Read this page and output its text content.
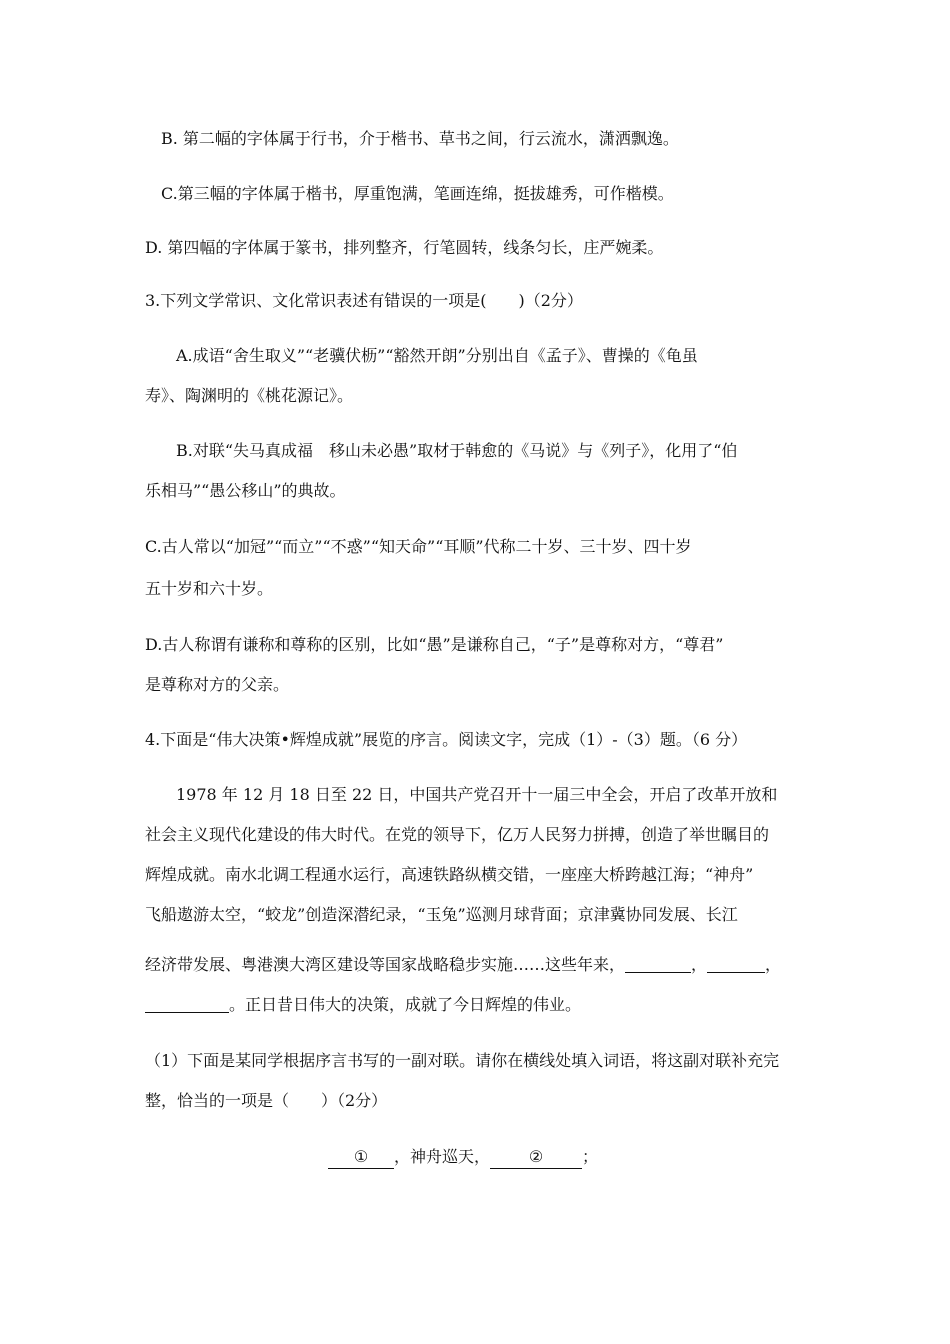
B. 第二幅的字体属于行书，介于楷书、草书之间，行云流水，潇洒飘逸。
C.第三幅的字体属于楷书，厚重饱满，笔画连绵，挺拔雄秀，可作楷模。
D. 第四幅的字体属于篆书，排列整齐，行笔圆转，线条匀长，庄严婉柔。
3.下列文学常识、文化常识表述有错误的一项是(　　)（2分）
A.成语“舍生取义”“老骥伏枥”“豁然开朗”分别出自《孟子》、曹操的《龟虽
寿》、陶渊明的《桃花源记》。
B.对联“失马真成福　移山未必愚”取材于韩愈的《马说》与《列子》，化用了“伯
乐相马”“愚公移山”的典故。
C.古人常以“加冠”“而立”“不惑”“知天命”“耳顺”代称二十岁、三十岁、四十岁
五十岁和六十岁。
D.古人称谓有谦称和尊称的区别，比如“愚”是谦称自己，“子”是尊称对方，“尊君”
是尊称对方的父亲。
4.下面是“伟大决策•辉煌成就”展览的序言。阅读文字，完成（1）-（3）题。（6 分）
1978 年 12 月 18 日至 22 日，中国共产党召开十一届三中全会，开启了改革开放和
社会主义现代化建设的伟大时代。在党的领导下，亿万人民努力拼搏，创造了举世瞩目的
辉煌成就。南水北调工程通水运行，高速铁路纵横交错，一座座大桥跨越江海；“神舟”
飞船遨游太空，“蛟龙”创造深潜纪录，“玉兔”巡测月球背面；京津冀协同发展、长江
经济带发展、粤港澳大湾区建设等国家战略稳步实施……这些年来，	，	，
。正日昔日伟大的决策，成就了今日辉煌的伟业。
（1）下面是某同学根据序言书写的一副对联。请你在横线处填入词语，将这副对联补充完
整，恰当的一项是（　　）（2分）
① ，神舟巡天， ② ；
